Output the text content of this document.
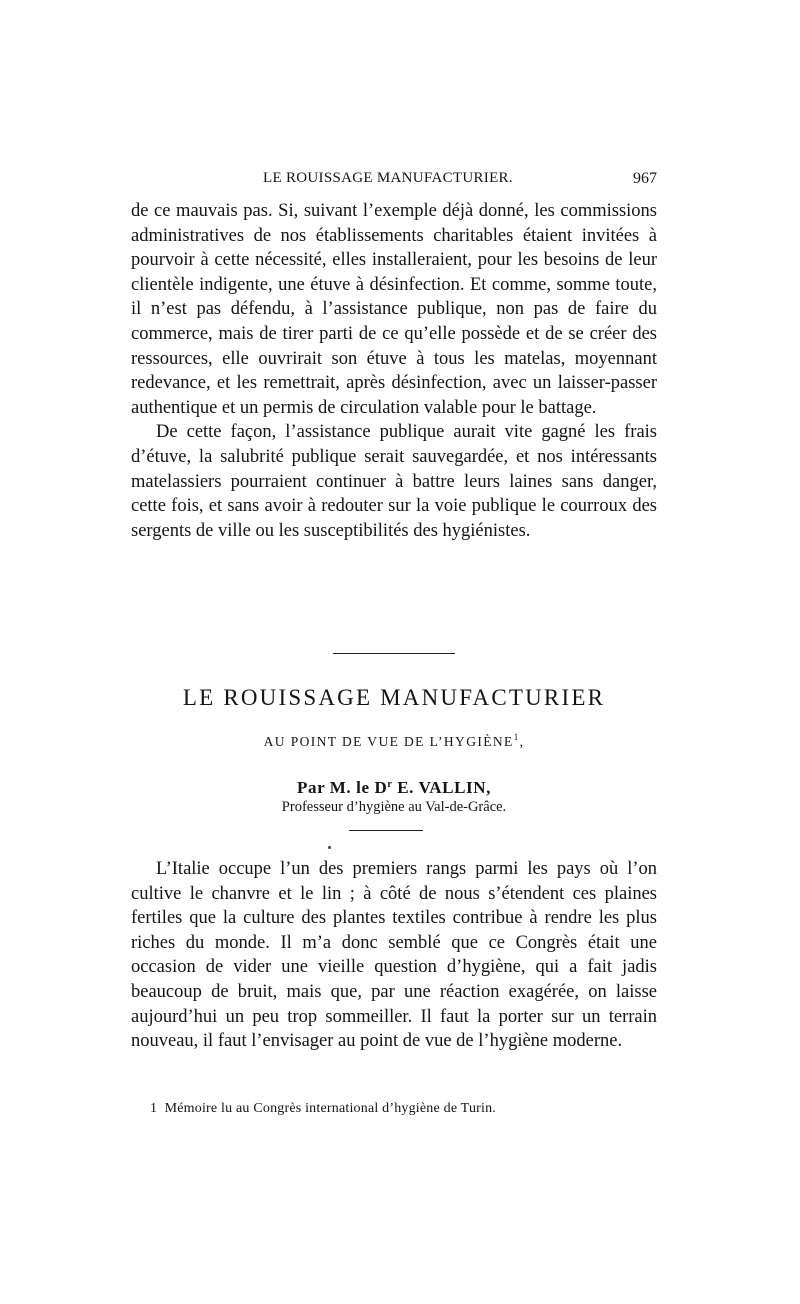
LE ROUISSAGE MANUFACTURIER.	967

de ce mauvais pas. Si, suivant l’exemple déjà donné, les commissions administratives de nos établissements charitables étaient invitées à pourvoir à cette nécessité, elles installeraient, pour les besoins de leur clientèle indigente, une étuve à désinfection. Et comme, somme toute, il n’est pas défendu, à l’assistance publique, non pas de faire du commerce, mais de tirer parti de ce qu’elle possède et de se créer des ressources, elle ouvrirait son étuve à tous les matelas, moyennant redevance, et les remettrait, après désinfection, avec un laisser-passer authentique et un permis de circulation valable pour le battage.

De cette façon, l’assistance publique aurait vite gagné les frais d’étuve, la salubrité publique serait sauvegardée, et nos intéressants matelassiers pourraient continuer à battre leurs laines sans danger, cette fois, et sans avoir à redouter sur la voie publique le courroux des sergents de ville ou les susceptibilités des hygiénistes.

LE ROUISSAGE MANUFACTURIER
AU POINT DE VUE DE L’HYGIÈNE$^1$,
Par M. le $D^r$ E. VALLIN,
Professeur d’hygiène au Val-de-Grâce.

L’Italie occupe l’un des premiers rangs parmi les pays où l’on cultive le chanvre et le lin ; à côté de nous s’étendent ces plaines fertiles que la culture des plantes textiles contribue à rendre les plus riches du monde. Il m’a donc semblé que ce Congrès était une occasion de vider une vieille question d’hygiène, qui a fait jadis beaucoup de bruit, mais que, par une réaction exagérée, on laisse aujourd’hui un peu trop sommeiller. Il faut la porter sur un terrain nouveau, il faut l’envisager au point de vue de l’hygiène moderne.

1 Mémoire lu au Congrès international d’hygiène de Turin.
